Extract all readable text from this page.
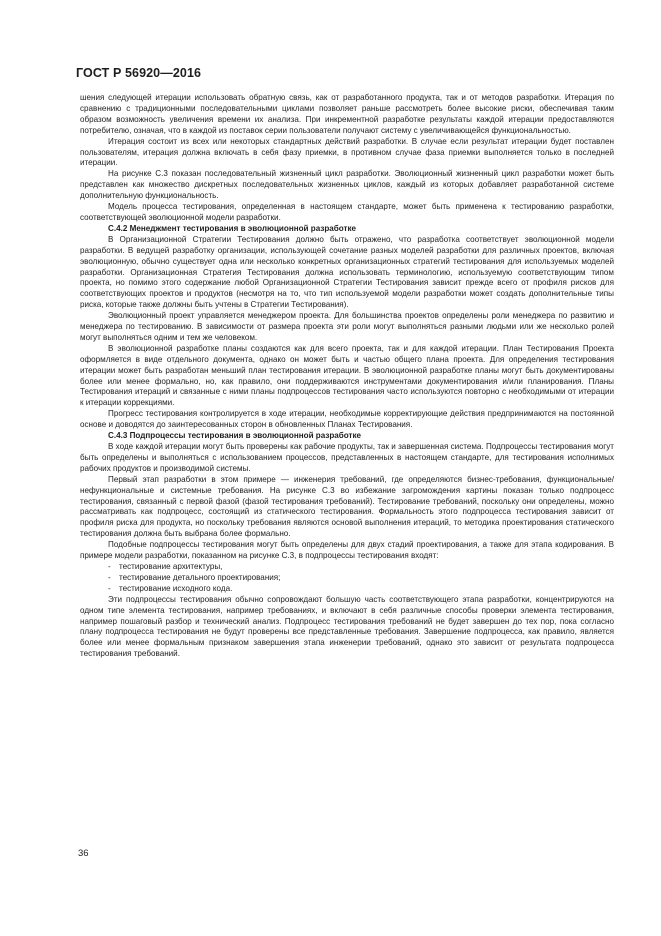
ГОСТ Р 56920—2016

шения следующей итерации использовать обратную связь, как от разработанного продукта, так и от методов разработки. Итерация по сравнению с традиционными последовательными циклами позволяет раньше рассмотреть более высокие риски, обеспечивая таким образом возможность увеличения времени их анализа. При инкрементной разработке результаты каждой итерации предоставляются потребителю, означая, что в каждой из поставок серии пользователи получают систему с увеличивающейся функциональностью.

Итерация состоит из всех или некоторых стандартных действий разработки. В случае если результат итерации будет поставлен пользователям, итерация должна включать в себя фазу приемки, в противном случае фаза приемки выполняется только в последней итерации.

На рисунке С.3 показан последовательный жизненный цикл разработки. Эволюционный жизненный цикл разработки может быть представлен как множество дискретных последовательных жизненных циклов, каждый из которых добавляет разработанной системе дополнительную функциональность.

Модель процесса тестирования, определенная в настоящем стандарте, может быть применена к тестированию разработки, соответствующей эволюционной модели разработки.

С.4.2 Менеджмент тестирования в эволюционной разработке

В Организационной Стратегии Тестирования должно быть отражено, что разработка соответствует эволюционной модели разработки. В ведущей разработку организации, использующей сочетание разных моделей разработки для различных проектов, включая эволюционную, обычно существует одна или несколько конкретных организационных стратегий тестирования для используемых моделей разработки. Организационная Стратегия Тестирования должна использовать терминологию, используемую соответствующим типом проекта, но помимо этого содержание любой Организационной Стратегии Тестирования зависит прежде всего от профиля рисков для соответствующих проектов и продуктов (несмотря на то, что тип используемой модели разработки может создать дополнительные типы риска, которые также должны быть учтены в Стратегии Тестирования).

Эволюционный проект управляется менеджером проекта. Для большинства проектов определены роли менеджера по развитию и менеджера по тестированию. В зависимости от размера проекта эти роли могут выполняться разными людьми или же несколько ролей могут выполняться одним и тем же человеком.

В эволюционной разработке планы создаются как для всего проекта, так и для каждой итерации. План Тестирования Проекта оформляется в виде отдельного документа, однако он может быть и частью общего плана проекта. Для определения тестирования итерации может быть разработан меньший план тестирования итерации. В эволюционной разработке планы могут быть документированы более или менее формально, но, как правило, они поддерживаются инструментами документирования и/или планирования. Планы Тестирования итераций и связанные с ними планы подпроцессов тестирования часто используются повторно с необходимыми от итерации к итерации коррекциями.

Прогресс тестирования контролируется в ходе итерации, необходимые корректирующие действия предпринимаются на постоянной основе и доводятся до заинтересованных сторон в обновленных Планах Тестирования.

С.4.3 Подпроцессы тестирования в эволюционной разработке

В ходе каждой итерации могут быть проверены как рабочие продукты, так и завершенная система. Подпроцессы тестирования могут быть определены и выполняться с использованием процессов, представленных в настоящем стандарте, для тестирования исполнимых рабочих продуктов и производимой системы.

Первый этап разработки в этом примере — инженерия требований, где определяются бизнес-требования, функциональные/нефункциональные и системные требования. На рисунке С.3 во избежание загромождения картины показан только подпроцесс тестирования, связанный с первой фазой (фазой тестирования требований). Тестирование требований, поскольку они определены, можно рассматривать как подпроцесс, состоящий из статического тестирования. Формальность этого подпроцесса тестирования зависит от профиля риска для продукта, но поскольку требования являются основой выполнения итераций, то методика проектирования статического тестирования должна быть выбрана более формально.

Подобные подпроцессы тестирования могут быть определены для двух стадий проектирования, а также для этапа кодирования. В примере модели разработки, показанном на рисунке С.3, в подпроцессы тестирования входят:

- тестирование архитектуры,
- тестирование детального проектирования;
- тестирование исходного кода.

Эти подпроцессы тестирования обычно сопровождают большую часть соответствующего этапа разработки, концентрируются на одном типе элемента тестирования, например требованиях, и включают в себя различные способы проверки элемента тестирования, например пошаговый разбор и технический анализ. Подпроцесс тестирования требований не будет завершен до тех пор, пока согласно плану подпроцесса тестирования не будут проверены все представленные требования. Завершение подпроцесса, как правило, является более или менее формальным признаком завершения этапа инженерии требований, однако это зависит от результата подпроцесса тестирования требований.

36
